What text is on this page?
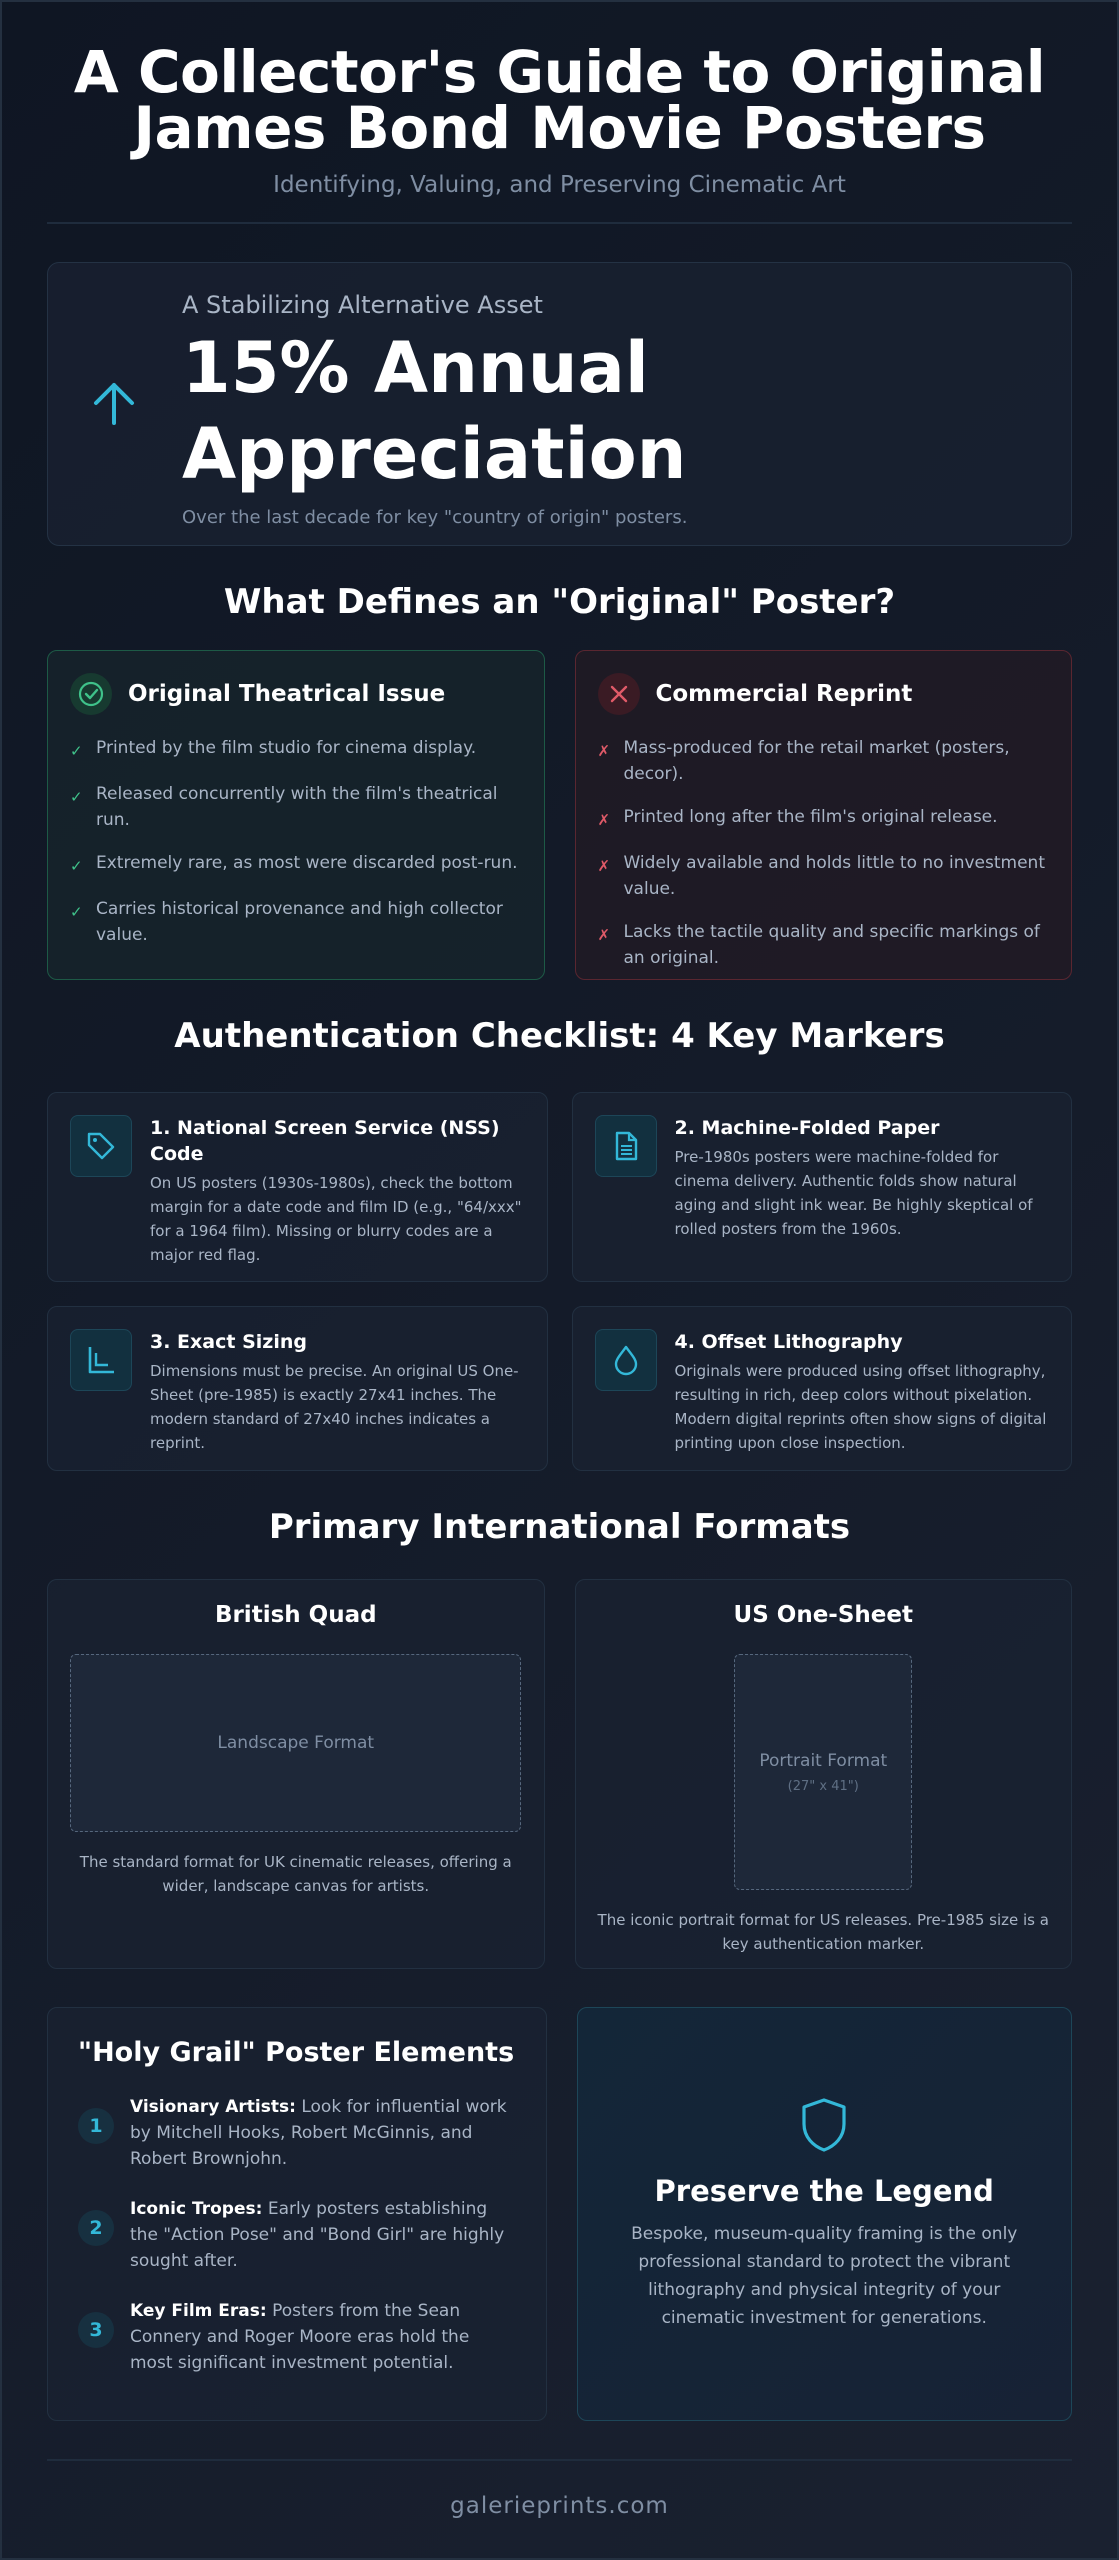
A Collector's Guide to Original
James Bond Movie Posters
Identifying, Valuing, and Preserving Cinematic Art
A Stabilizing Alternative Asset
15% Annual
Appreciation
Over the last decade for key "country of origin" posters.
What Defines an "Original" Poster?
Original Theatrical Issue
✓ Printed by the film studio for cinema display.
✓ Released concurrently with the film's theatrical run.
✓ Extremely rare, as most were discarded post-run.
✓ Carries historical provenance and high collector value.
Commercial Reprint
✗ Mass-produced for the retail market (posters, decor).
✗ Printed long after the film's original release.
✗ Widely available and holds little to no investment value.
✗ Lacks the tactile quality and specific markings of an original.
Authentication Checklist: 4 Key Markers
1. National Screen Service (NSS) Code
On US posters (1930s-1980s), check the bottom margin for a date code and film ID (e.g., "64/xxx" for a 1964 film). Missing or blurry codes are a major red flag.
2. Machine-Folded Paper
Pre-1980s posters were machine-folded for cinema delivery. Authentic folds show natural aging and slight ink wear. Be highly skeptical of rolled posters from the 1960s.
3. Exact Sizing
Dimensions must be precise. An original US One-Sheet (pre-1985) is exactly 27x41 inches. The modern standard of 27x40 inches indicates a reprint.
4. Offset Lithography
Originals were produced using offset lithography, resulting in rich, deep colors without pixelation. Modern digital reprints often show signs of digital printing upon close inspection.
Primary International Formats
British Quad
Landscape Format
The standard format for UK cinematic releases, offering a wider, landscape canvas for artists.
US One-Sheet
Portrait Format
(27" x 41")
The iconic portrait format for US releases. Pre-1985 size is a key authentication marker.
"Holy Grail" Poster Elements
1
Visionary Artists: Look for influential work by Mitchell Hooks, Robert McGinnis, and Robert Brownjohn.
2
Iconic Tropes: Early posters establishing the "Action Pose" and "Bond Girl" are highly sought after.
3
Key Film Eras: Posters from the Sean Connery and Roger Moore eras hold the most significant investment potential.
Preserve the Legend
Bespoke, museum-quality framing is the only professional standard to protect the vibrant lithography and physical integrity of your cinematic investment for generations.
galerieprints.com
